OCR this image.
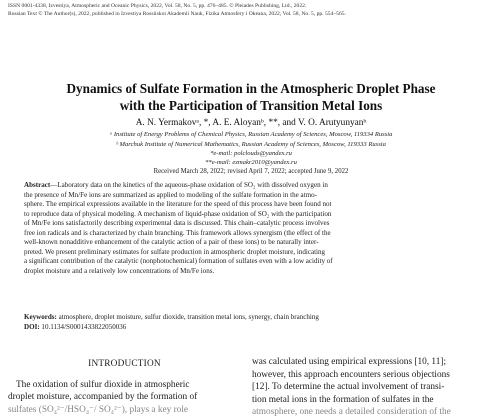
ISSN 0001-4338, Izvestiya, Atmospheric and Oceanic Physics, 2022, Vol. 58, No. 5, pp. 476–485. © Pleiades Publishing, Ltd., 2022.
Russian Text © The Author(s), 2022, published in Izvestiya Rossiiskoi Akademii Nauk, Fizika Atmosfery i Okeana, 2022, Vol. 58, No. 5, pp. 554–565.
Dynamics of Sulfate Formation in the Atmospheric Droplet Phase
with the Participation of Transition Metal Ions
A. N. Yermakovᵃ, *, A. E. Aloyanᵇ, **, and V. O. Arutyunyanᵇ
ᵃ Institute of Energy Problems of Chemical Physics, Russian Academy of Sciences, Moscow, 119334 Russia
ᵇ Marchuk Institute of Numerical Mathematics, Russian Academy of Sciences, Moscow, 119333 Russia
*e-mail: polclouds@yandex.ru
**e-mail: ezmakr2010@yandex.ru
Received March 28, 2022; revised April 7, 2022; accepted June 9, 2022
Abstract—Laboratory data on the kinetics of the aqueous-phase oxidation of SO₂ with dissolved oxygen in
the presence of Mn/Fe ions are summarized as applied to modeling of the sulfate formation in the atmo-
sphere. The empirical expressions available in the literature for the speed of this process have been found not
to reproduce data of physical modeling. A mechanism of liquid-phase oxidation of SO₂ with the participation
of Mn/Fe ions satisfactorily describing experimental data is discussed. This chain–catalytic process involves
free ion radicals and is characterized by chain branching. This framework allows synergism (the effect of the
well-known nonadditive enhancement of the catalytic action of a pair of these ions) to be naturally inter-
preted. We present preliminary estimates for sulfate production in atmospheric droplet moisture, indicating
a significant contribution of the catalytic (nonphotochemical) formation of sulfates even with a low acidity of
droplet moisture and a relatively low concentrations of Mn/Fe ions.
Keywords: atmosphere, droplet moisture, sulfur dioxide, transition metal ions, synergy, chain branching
DOI: 10.1134/S0001433822050036
INTRODUCTION
The oxidation of sulfur dioxide in atmospheric
droplet moisture, accompanied by the formation of
sulfates (SO₄²⁻/HSO₄⁻/ SO₄²⁻), plays a key role
was calculated using empirical expressions [10, 11];
however, this approach encounters serious objections
[12]. To determine the actual involvement of transi-
tion metal ions in the formation of sulfates in the
atmosphere, one needs a detailed consideration of the
